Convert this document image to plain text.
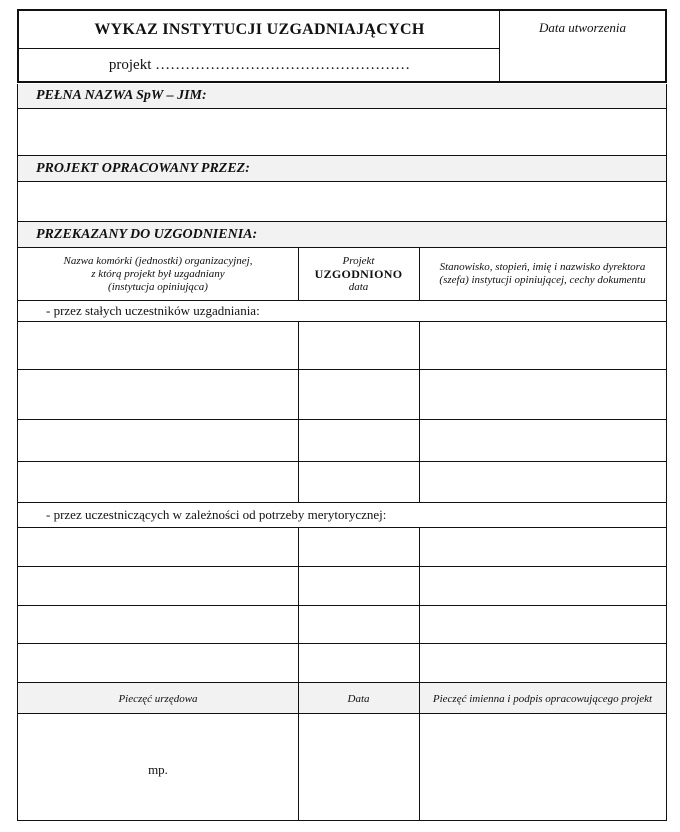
WYKAZ INSTYTUCJI UZGADNIAJĄCYCH
projekt ……………………………………………
Data utworzenia
PEŁNA NAZWA SpW – JIM:
PROJEKT OPRACOWANY PRZEZ:
PRZEKAZANY DO UZGODNIENIA:
Nazwa komórki (jednostki) organizacyjnej,
z którą projekt był uzgadniany
(instytucja opiniująca)
Projekt
UZGODNIONO
data
Stanowisko, stopień, imię i nazwisko dyrektora
(szefa) instytucji opiniującej, cechy dokumentu
- przez stałych uczestników uzgadniania:
- przez uczestniczących w zależności od potrzeby merytorycznej:
Pieczęć urzędowa	Data	Pieczęć imienna i podpis opracowującego projekt
mp.
